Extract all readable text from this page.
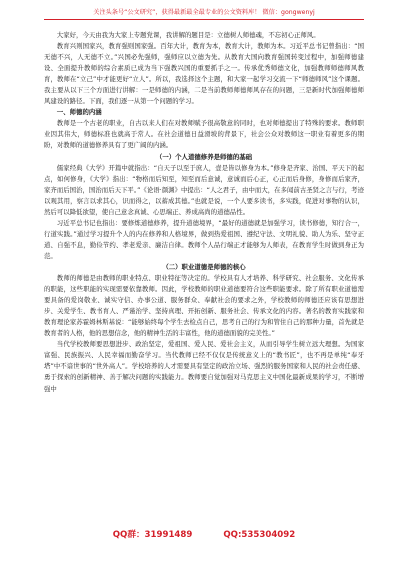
关注头条号“公文研究”，获得最新最全最专业的公文资料库！ 微信：gongwenyj

大家好，今天由我为大家上专题党课，我讲解的题目是：立德树人师德魂，不忘初心正师风。

教育兴则国家兴，教育强则国家强。百年大计，教育为本，教育大计，教师为本。习近平总书记曾指出：“国无德不兴，人无德不立。”兴国必先强师，强师应以立德为先。从教育大国向教育强国转变过程中，加强师德建设、全面提升教师的综合素质已成为当下强教兴国的重要抓手之一。传承优秀师德文化，加强教师师德师风教育，教师在“立己”中才能更好“立人”。所以，我选择这个主题，和大家一起学习交流一下“师德师风”这个课题。我主要从以下三个方面进行讲解：一是师德的内涵，二是当前教师师德师风存在的问题，三是新时代加强师德师风建设的路径。下面，我们逐一从第一个问题的学习。

一、师德的内涵

教师是一个古老的职业，自古以来人们在对教师赋予很高敬意的同时，也对师德提出了特殊的要求。教师职业因其伟大，师德标准也就高于常人。在社会道德日益滑坡的背景下，社会公众对教师这一职业有着更多的期盼，对教师的道德修养具有了更广阔的内涵。

（一）个人道德修养是师德的基础

儒家经典《大学》开篇中就指出：“自天子以至于庶人，壹是皆以修身为本。”修身是齐家、治国、平天下的起点，如何修身，《大学》指出：“物格而后知至，知至而后意诚，意诚而后心正，心正而后身修，身修而后家齐，家齐而后国治，国治而后天下平。”《论语·颜渊》中提出：“人之君子，由中而大，在多闻前古圣贤之言与行，考迹以观其用，察言以求其心，识而得之，以蓄成其德。”也就是说，一个人要多读书，多实践，促进对事物的认识，然后可以降低欲望，使自己意念真诚、心思端正、养成高尚的道德品性。

习近平总书记也指出：要修炼道德修养，提升道德境界，“最好的道德就是加强学习，读书修德，知行合一，行道实践。”通过学习提升个人的内在修养和人格境界，做到热爱祖国、遵纪守法、文明礼貌、助人为乐、坚守正道、自强不息，勤俭节约、孝老爱亲、廉洁自律。教师个人品行端正才能够为人师表，在教育学生时做到身正为范。

（二）职业道德是师德的核心

教师的师德是由教师的职业特点、职业特征等决定的。学校具有人才培养、科学研究、社会服务、文化传承的职能，这些职能的实现需要依靠教师。因此，学校教师的职业道德要符合这些职能要求。除了所有职业道德需要具备的爱岗敬业、诚实守信、办事公道、服务群众、奉献社会的要求之外，学校教师的师德还应该有思想进步、关爱学生、教书育人、严谨治学、坚持真理、开拓创新、服务社会、传承文化的内容。著名的教育实践家和教育理论家苏霍姆林斯基说：“能够始终每个学生去检点自己，思考自己的行为和管住自己的那种力量，首先就是教育者的人格，他的思想信念，他的精神生活的丰富性，他的道德面貌的完美性。”

当代学校教师要思想进步、政治坚定，爱祖国、爱人民、爱社会主义，从而引导学生树立远大理想。为国家富强、民族振兴、人民幸福而勤奋学习。当代教师已经不仅仅是传统意义上的“教书匠”，也不再是单纯“奉牙塔”中不谙世事的“世外高人”。学校培养的人才需要具有坚定的政治立场、强烈的服务国家和人民的社会责任感、勇于探索的创新精神、善于解决问题的实践能力。教师要自觉加强对马克思主义中国化最新成果的学习，不断增强中

QQ群：31991489	QQ:535304092
